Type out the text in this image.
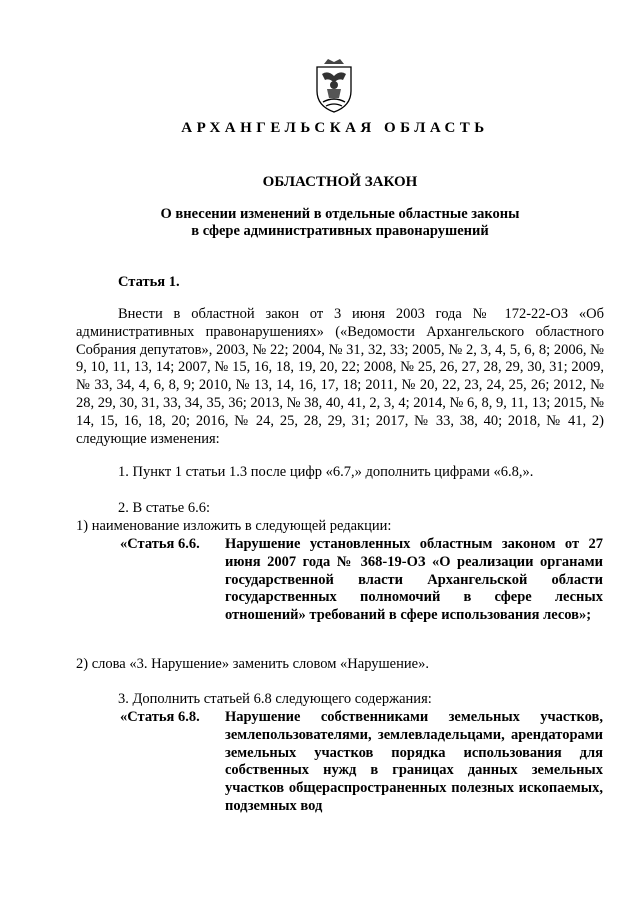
АРХАНГЕЛЬСКАЯ ОБЛАСТЬ
ОБЛАСТНОЙ ЗАКОН
О внесении изменений в отдельные областные законы
в сфере административных правонарушений
Статья 1.
Внести в областной закон от 3 июня 2003 года № 172-22-ОЗ «Об административных правонарушениях» («Ведомости Архангельского областного Собрания депутатов», 2003, № 22; 2004, № 31, 32, 33; 2005, № 2, 3, 4, 5, 6, 8; 2006, № 9, 10, 11, 13, 14; 2007, № 15, 16, 18, 19, 20, 22; 2008, № 25, 26, 27, 28, 29, 30, 31; 2009, № 33, 34, 4, 6, 8, 9; 2010, № 13, 14, 16, 17, 18; 2011, № 20, 22, 23, 24, 25, 26; 2012, № 28, 29, 30, 31, 33, 34, 35, 36; 2013, № 38, 40, 41, 2, 3, 4; 2014, № 6, 8, 9, 11, 13; 2015, № 14, 15, 16, 18, 20; 2016, № 24, 25, 28, 29, 31; 2017, № 33, 38, 40; 2018, № 41, 2) следующие изменения:
1. Пункт 1 статьи 1.3 после цифр «6.7,» дополнить цифрами «6.8,».
2. В статье 6.6:
1) наименование изложить в следующей редакции:
«Статья 6.6. Нарушение установленных областным законом от 27 июня 2007 года № 368-19-ОЗ «О реализации органами государственной власти Архангельской области государственных полномочий в сфере лесных отношений» требований в сфере использования лесов»;
2) слова «3. Нарушение» заменить словом «Нарушение».
3. Дополнить статьей 6.8 следующего содержания:
«Статья 6.8. Нарушение собственниками земельных участков, землепользователями, землевладельцами, арендаторами земельных участков порядка использования для собственных нужд в границах данных земельных участков общераспространенных полезных ископаемых, подземных вод
